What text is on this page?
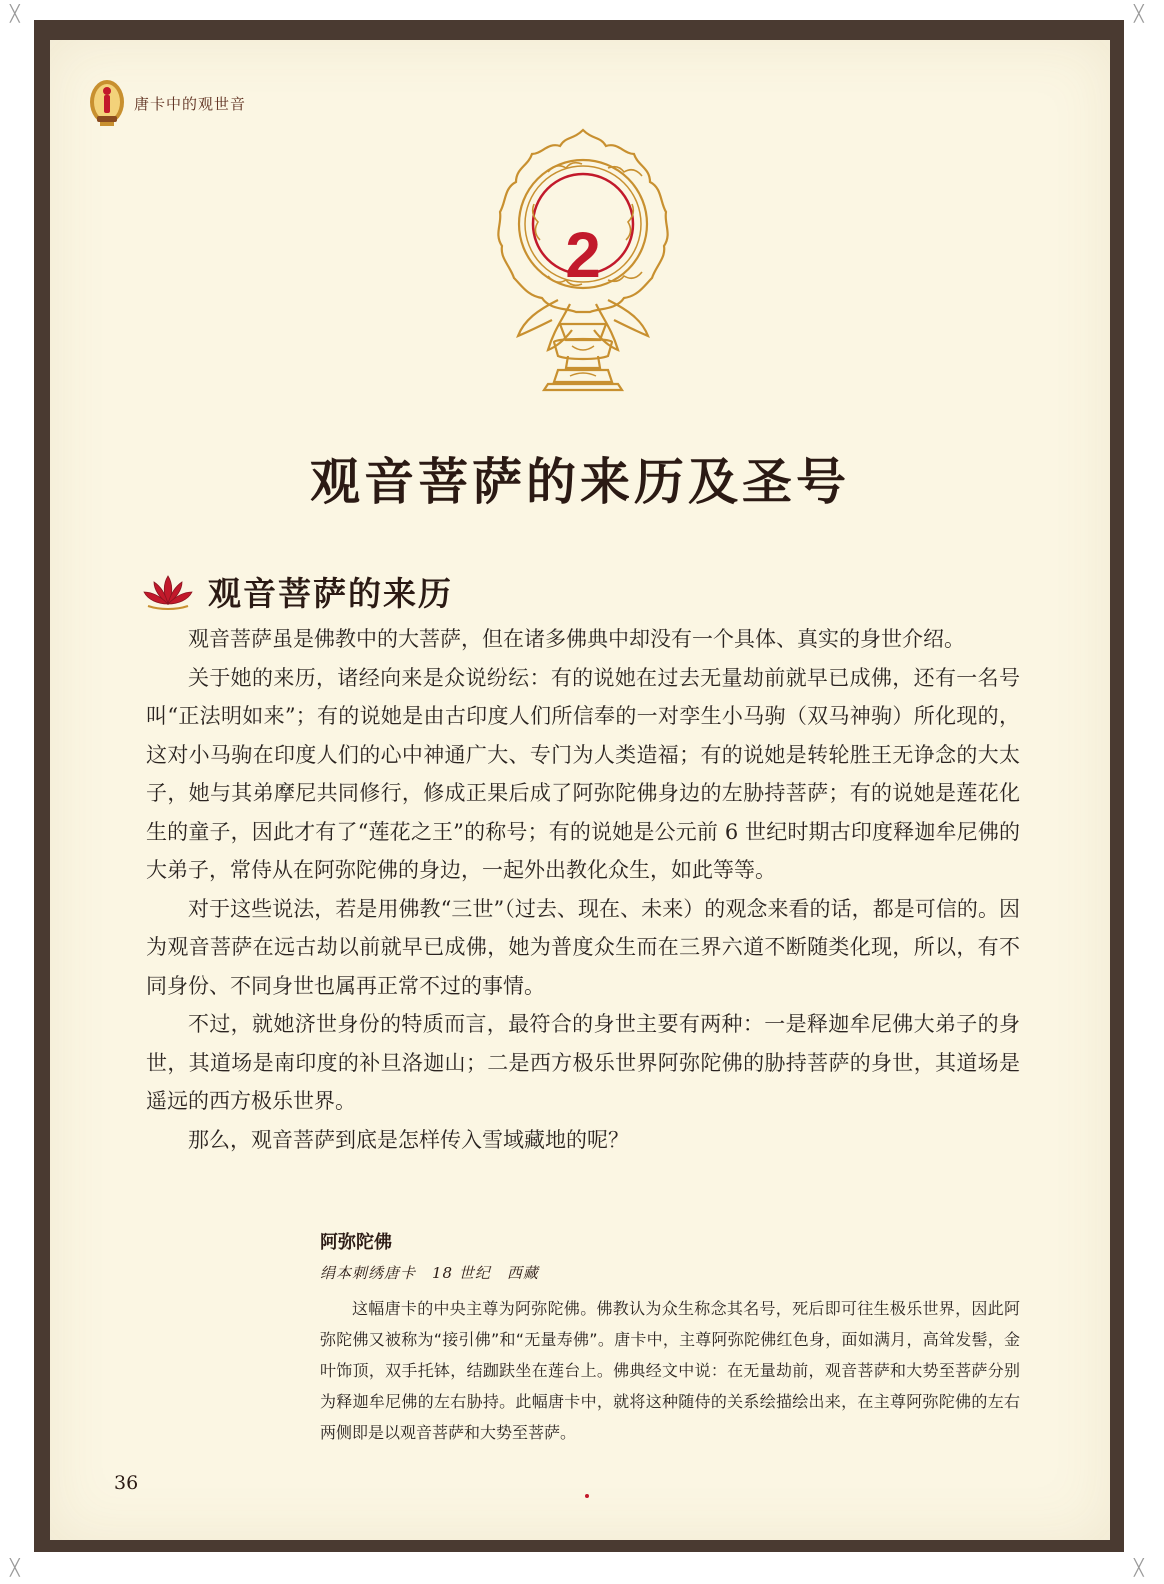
╳	╳
╳	╳
唐卡中的观世音
2
观音菩萨的来历及圣号
观音菩萨的来历

观音菩萨虽是佛教中的大菩萨，但在诸多佛典中却没有一个具体、真实的身世介绍。

关于她的来历，诸经向来是众说纷纭：有的说她在过去无量劫前就早已成佛，还有一名号叫“正法明如来”；有的说她是由古印度人们所信奉的一对孪生小马驹（双马神驹）所化现的，这对小马驹在印度人们的心中神通广大、专门为人类造福；有的说她是转轮胜王无诤念的大太子，她与其弟摩尼共同修行，修成正果后成了阿弥陀佛身边的左胁持菩萨；有的说她是莲花化生的童子，因此才有了“莲花之王”的称号；有的说她是公元前 6 世纪时期古印度释迦牟尼佛的大弟子，常侍从在阿弥陀佛的身边，一起外出教化众生，如此等等。

对于这些说法，若是用佛教“三世”（过去、现在、未来）的观念来看的话，都是可信的。因为观音菩萨在远古劫以前就早已成佛，她为普度众生而在三界六道不断随类化现，所以，有不同身份、不同身世也属再正常不过的事情。

不过，就她济世身份的特质而言，最符合的身世主要有两种：一是释迦牟尼佛大弟子的身世，其道场是南印度的补旦洛迦山；二是西方极乐世界阿弥陀佛的胁持菩萨的身世，其道场是遥远的西方极乐世界。

那么，观音菩萨到底是怎样传入雪域藏地的呢？

阿弥陀佛
绢本刺绣唐卡　18 世纪　西藏

这幅唐卡的中央主尊为阿弥陀佛。佛教认为众生称念其名号，死后即可往生极乐世界，因此阿弥陀佛又被称为“接引佛”和“无量寿佛”。唐卡中，主尊阿弥陀佛红色身，面如满月，高耸发髻，金叶饰顶，双手托钵，结跏趺坐在莲台上。佛典经文中说：在无量劫前，观音菩萨和大势至菩萨分别为释迦牟尼佛的左右胁持。此幅唐卡中，就将这种随侍的关系绘描绘出来，在主尊阿弥陀佛的左右两侧即是以观音菩萨和大势至菩萨。

36
